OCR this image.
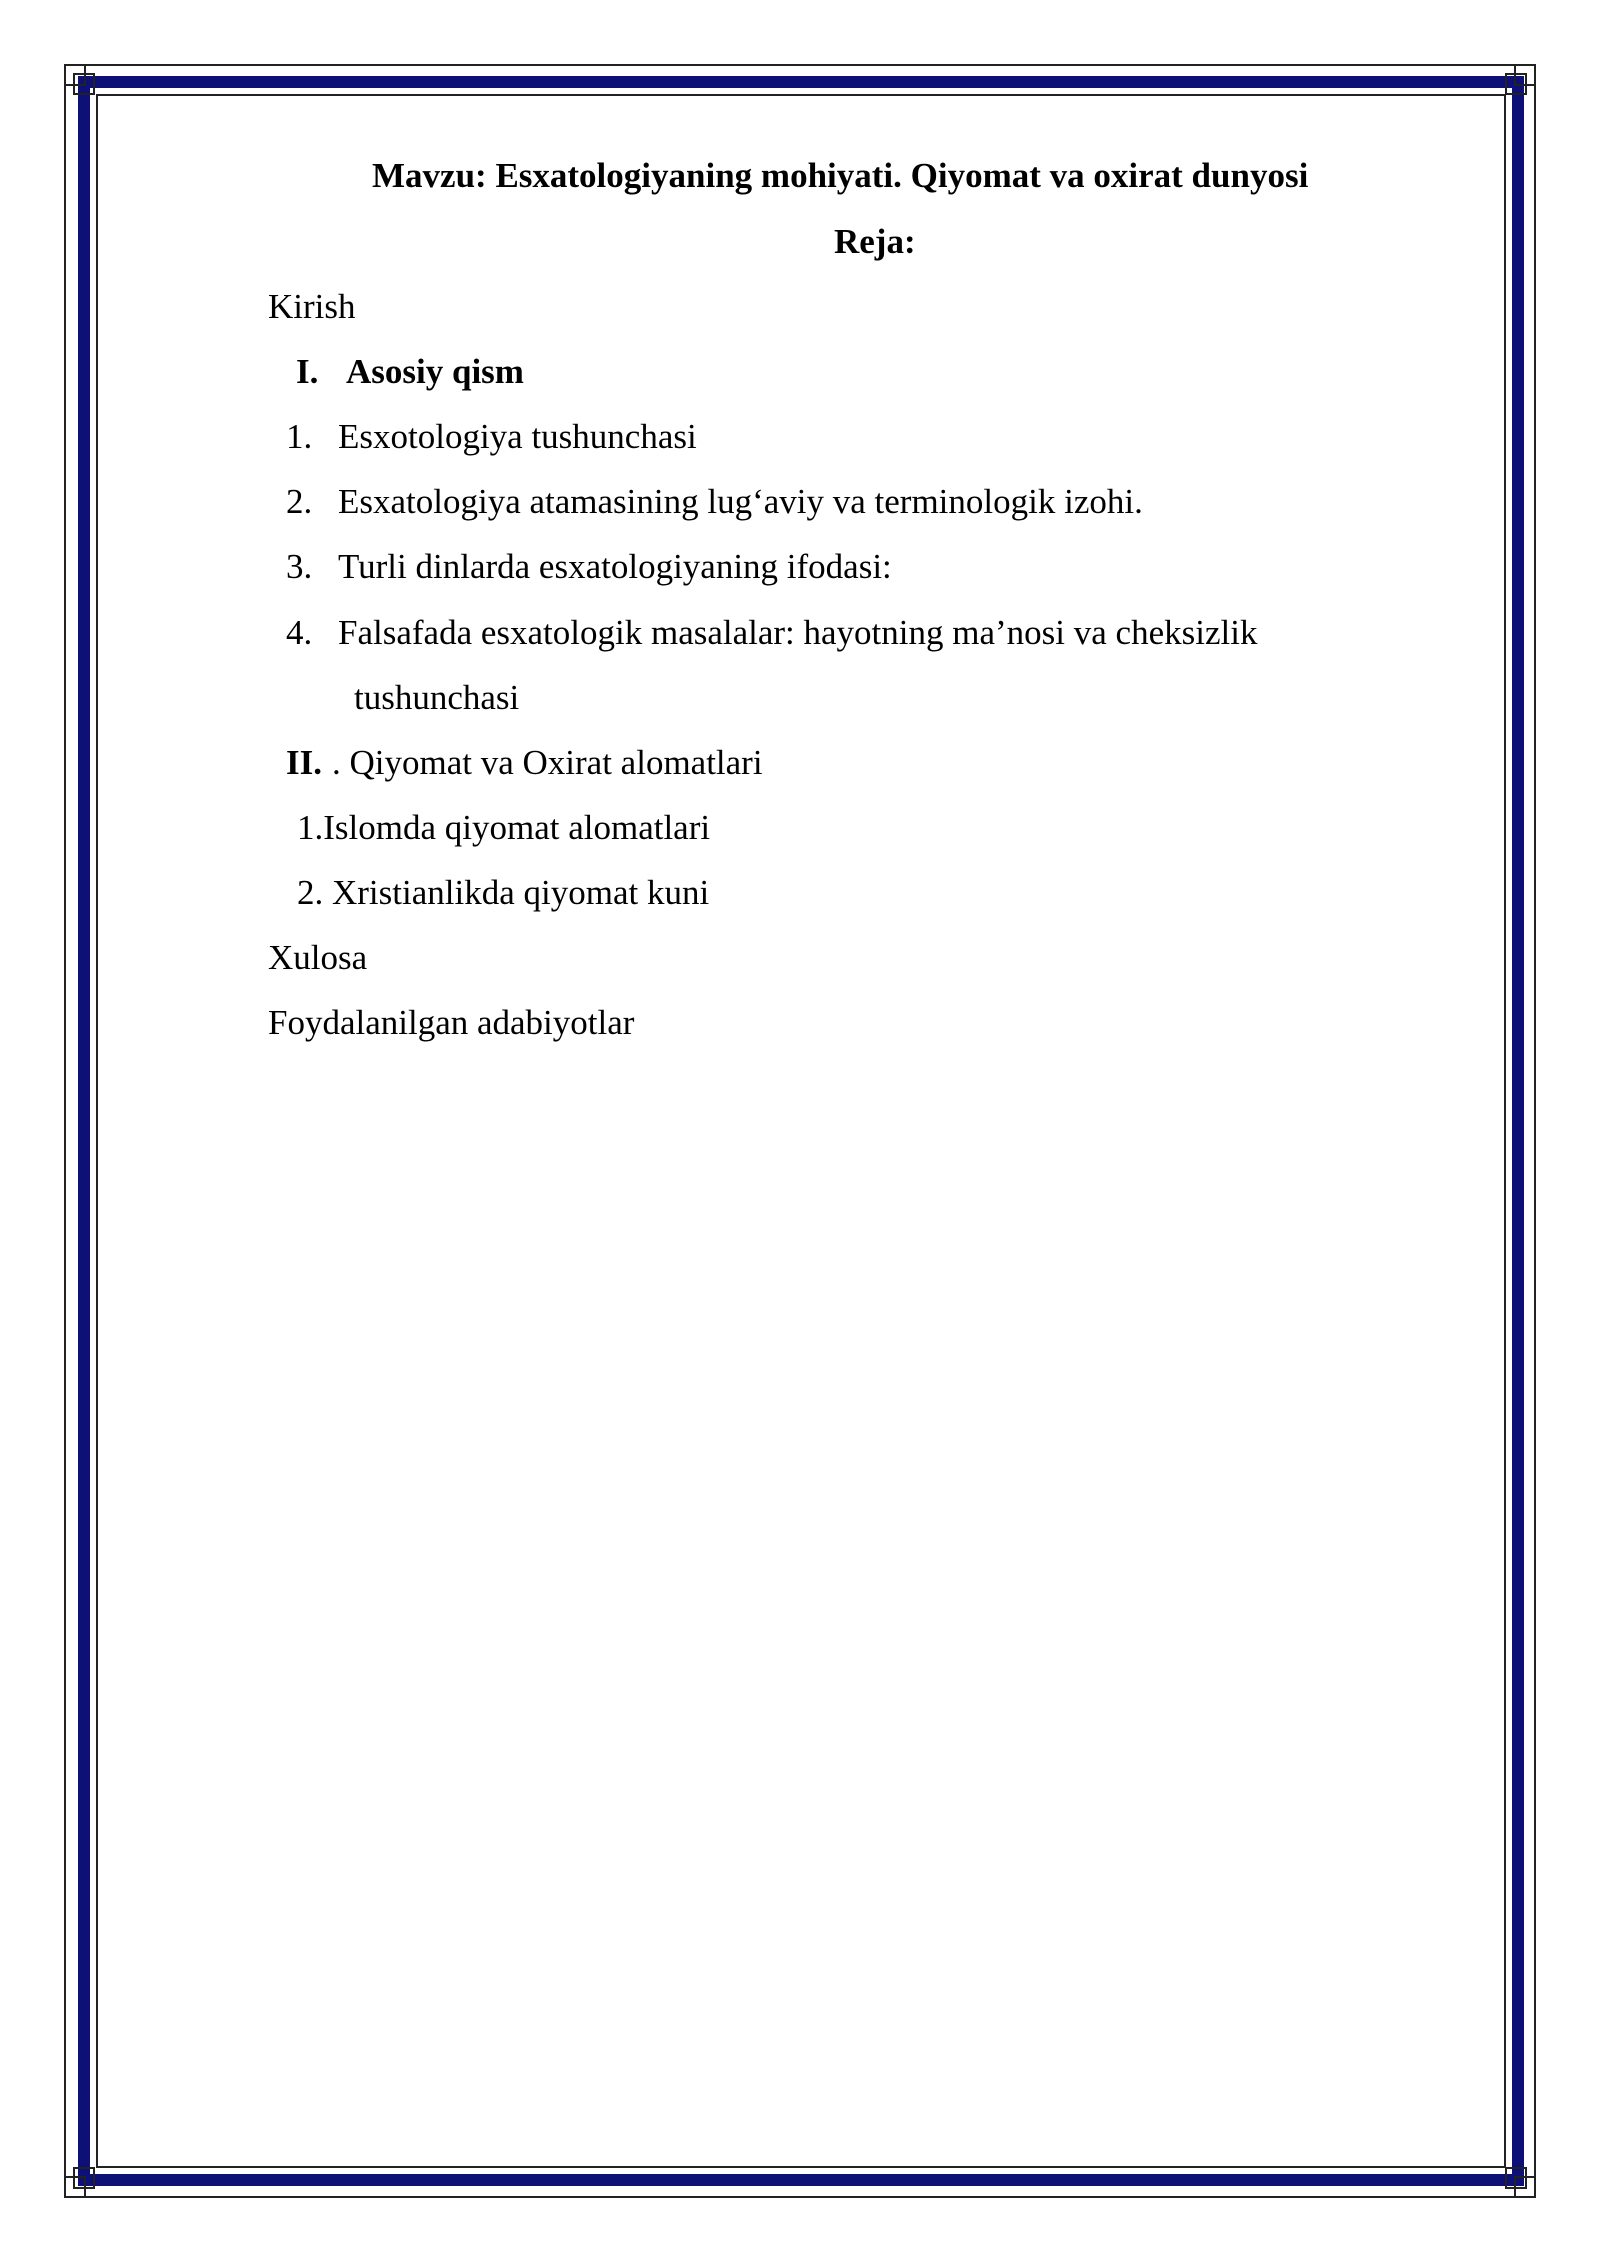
Mavzu: Esxatologiyaning mohiyati. Qiyomat va oxirat dunyosi
Reja:
Kirish
I. Asosiy qism
1. Esxotologiya tushunchasi
2. Esxatologiya atamasining lug‘aviy va terminologik izohi.
3. Turli dinlarda esxatologiyaning ifodasi:
4. Falsafada esxatologik masalalar: hayotning ma’nosi va cheksizlik
tushunchasi
II. . Qiyomat va Oxirat alomatlari
1.Islomda qiyomat alomatlari
2. Xristianlikda qiyomat kuni
Xulosa
Foydalanilgan adabiyotlar
